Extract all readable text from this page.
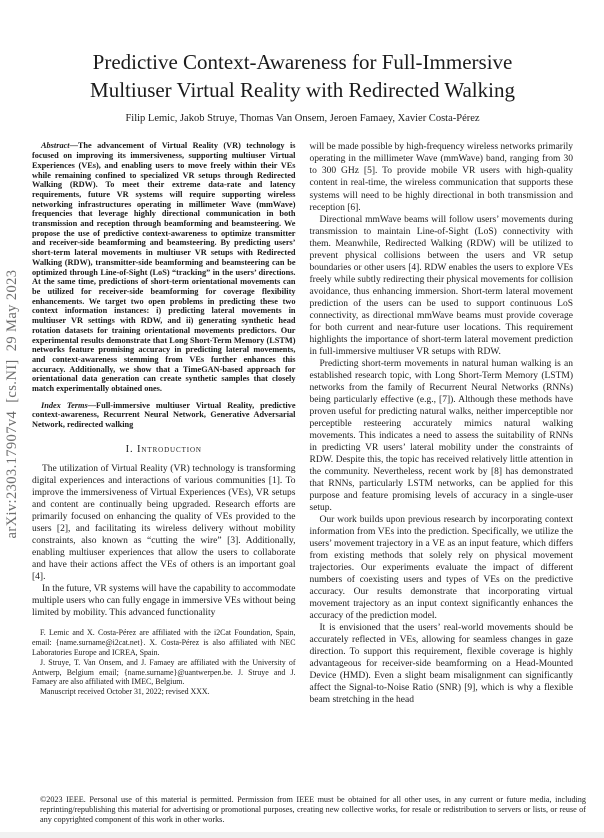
arXiv:2303.17907v4  [cs.NI]  29 May 2023
Predictive Context-Awareness for Full-Immersive Multiuser Virtual Reality with Redirected Walking
Filip Lemic, Jakob Struye, Thomas Van Onsem, Jeroen Famaey, Xavier Costa-Pérez

Abstract—The advancement of Virtual Reality (VR) technology is focused on improving its immersiveness, supporting multiuser Virtual Experiences (VEs), and enabling users to move freely within their VEs while remaining confined to specialized VR setups through Redirected Walking (RDW). To meet their extreme data-rate and latency requirements, future VR systems will require supporting wireless networking infrastructures operating in millimeter Wave (mmWave) frequencies that leverage highly directional communication in both transmission and reception through beamforming and beamsteering. We propose the use of predictive context-awareness to optimize transmitter and receiver-side beamforming and beamsteering. By predicting users’ short-term lateral movements in multiuser VR setups with Redirected Walking (RDW), transmitter-side beamforming and beamsteering can be optimized through Line-of-Sight (LoS) “tracking” in the users’ directions. At the same time, predictions of short-term orientational movements can be utilized for receiver-side beamforming for coverage flexibility enhancements. We target two open problems in predicting these two context information instances: i) predicting lateral movements in multiuser VR settings with RDW, and ii) generating synthetic head rotation datasets for training orientational movements predictors. Our experimental results demonstrate that Long Short-Term Memory (LSTM) networks feature promising accuracy in predicting lateral movements, and context-awareness stemming from VEs further enhances this accuracy. Additionally, we show that a TimeGAN-based approach for orientational data generation can create synthetic samples that closely match experimentally obtained ones.

Index Terms—Full-immersive multiuser Virtual Reality, predictive context-awareness, Recurrent Neural Network, Generative Adversarial Network, redirected walking

I. Introduction

The utilization of Virtual Reality (VR) technology is transforming digital experiences and interactions of various communities [1]. To improve the immersiveness of Virtual Experiences (VEs), VR setups and content are continually being upgraded. Research efforts are primarily focused on enhancing the quality of VEs provided to the users [2], and facilitating its wireless delivery without mobility constraints, also known as “cutting the wire” [3]. Additionally, enabling multiuser experiences that allow the users to collaborate and have their actions affect the VEs of others is an important goal [4].

In the future, VR systems will have the capability to accommodate multiple users who can fully engage in immersive VEs without being limited by mobility. This advanced functionality

F. Lemic and X. Costa-Pérez are affiliated with the i2Cat Foundation, Spain, email: {name.surname@i2cat.net}. X. Costa-Pérez is also affiliated with NEC Laboratories Europe and ICREA, Spain.

J. Struye, T. Van Onsem, and J. Famaey are affiliated with the University of Antwerp, Belgium email; {name.surname}@uantwerpen.be. J. Struye and J. Famaey are also affiliated with IMEC, Belgium.

Manuscript received October 31, 2022; revised XXX.

will be made possible by high-frequency wireless networks primarily operating in the millimeter Wave (mmWave) band, ranging from 30 to 300 GHz [5]. To provide mobile VR users with high-quality content in real-time, the wireless communication that supports these systems will need to be highly directional in both transmission and reception [6].

Directional mmWave beams will follow users’ movements during transmission to maintain Line-of-Sight (LoS) connectivity with them. Meanwhile, Redirected Walking (RDW) will be utilized to prevent physical collisions between the users and VR setup boundaries or other users [4]. RDW enables the users to explore VEs freely while subtly redirecting their physical movements for collision avoidance, thus enhancing immersion. Short-term lateral movement prediction of the users can be used to support continuous LoS connectivity, as directional mmWave beams must provide coverage for both current and near-future user locations. This requirement highlights the importance of short-term lateral movement prediction in full-immersive multiuser VR setups with RDW.

Predicting short-term movements in natural human walking is an established research topic, with Long Short-Term Memory (LSTM) networks from the family of Recurrent Neural Networks (RNNs) being particularly effective (e.g., [7]). Although these methods have proven useful for predicting natural walks, neither imperceptible nor perceptible resteering accurately mimics natural walking movements. This indicates a need to assess the suitability of RNNs in predicting VR users’ lateral mobility under the constraints of RDW. Despite this, the topic has received relatively little attention in the community. Nevertheless, recent work by [8] has demonstrated that RNNs, particularly LSTM networks, can be applied for this purpose and feature promising levels of accuracy in a single-user setup.

Our work builds upon previous research by incorporating context information from VEs into the prediction. Specifically, we utilize the users’ movement trajectory in a VE as an input feature, which differs from existing methods that solely rely on physical movement trajectories. Our experiments evaluate the impact of different numbers of coexisting users and types of VEs on the predictive accuracy. Our results demonstrate that incorporating virtual movement trajectory as an input context significantly enhances the accuracy of the prediction model.

It is envisioned that the users’ real-world movements should be accurately reflected in VEs, allowing for seamless changes in gaze direction. To support this requirement, flexible coverage is highly advantageous for receiver-side beamforming on a Head-Mounted Device (HMD). Even a slight beam misalignment can significantly affect the Signal-to-Noise Ratio (SNR) [9], which is why a flexible beam stretching in the head

©2023 IEEE. Personal use of this material is permitted. Permission from IEEE must be obtained for all other uses, in any current or future media, including reprinting/republishing this material for advertising or promotional purposes, creating new collective works, for resale or redistribution to servers or lists, or reuse of any copyrighted component of this work in other works.
